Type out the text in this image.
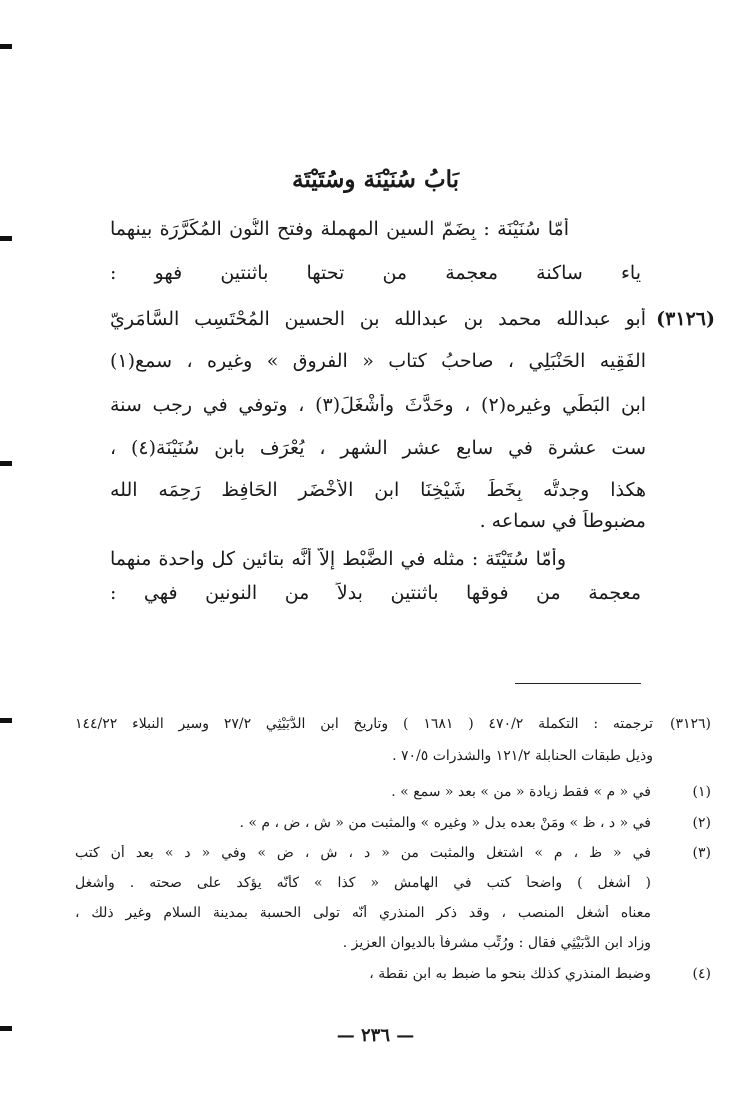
بَابُ سُنَيْنَة وسُتَيْتَة
أمّا سُنَيْنَة : بِضَمّ السين المهملة وفتح النُّون المُكَرَّرَة بينهما
ياء ساكنة معجمة من تحتها باثنتين فهو :
(٣١٢٦)
أبو عبدالله محمد بن عبدالله بن الحسين المُحْتَسِب السَّامَرِيّ
الفَقِيه الحَنْبَلِي ، صاحبُ كتاب « الفروق » وغيره ، سمع(١)
ابن البَطِّي وغيره(٢) ، وحَدَّثَ وأَشْغَلَ(٣) ، وتوفي في رجب سنة
ست عشرة في سابع عشر الشهر ، يُعْرَف بابن سُنَيْنَة(٤) ،
هكذا وجدتُّه بِخَطِّ شَيْخِنَا ابن الأَخْضَر الحَافِظ رَحِمَه الله
مضبوطاً في سماعه .
وأمّا سُتَيْتَة : مثله في الضَّبْط إلاَّ أنَّه بتائين كل واحدة منهما
معجمة من فوقها باثنتين بدلاً من النونين فهي :
(٣١٢٦)
ترجمته : التكملة ٤٧٠/٢ ( ١٦٨١ ) وتاريخ ابن الدُّبَيْثِي ٢٧/٢ وسير النبلاء ١٤٤/٢٢
وذيل طبقات الحنابلة ١٢١/٢ والشذرات ٧٠/٥ .
(١)
في « م » فقط زيادة « من » بعد « سمع » .
(٢)
في « د ، ظ » ومَنْ بعده بدل « وغيره » والمثبت من « ش ، ض ، م » .
(٣)
في « ظ ، م » اشتغل والمثبت من « د ، ش ، ض » وفي « د » بعد أن كتب
( أشغل ) واضحاً كتب في الهامش « كذا » كأنّه يؤكد على صحته . وأشغل
معناه أشغل المنصب ، وقد ذكر المنذري أنّه تولى الحسبة بمدينة السلام وغير ذلك ،
وزاد ابن الدُّبَيْثِي فقال : ورُتِّب مشرفاً بالديوان العزيز .
(٤)
وضبط المنذري كذلك بنحو ما ضبط به ابن نقطة ،
— ٢٣٦ —
